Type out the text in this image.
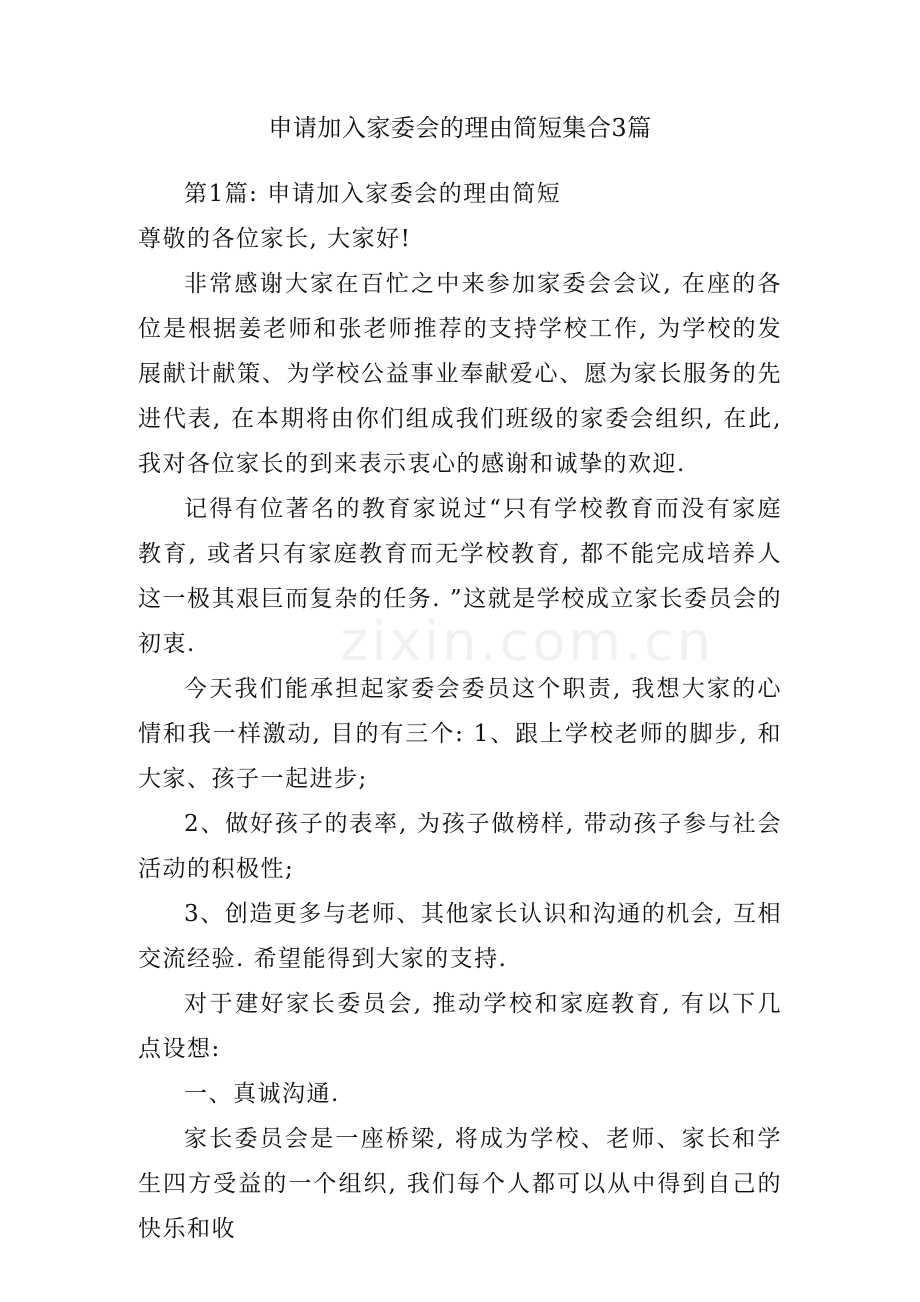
申请加入家委会的理由简短集合3篇

第1篇: 申请加入家委会的理由简短

尊敬的各位家长, 大家好!

非常感谢大家在百忙之中来参加家委会会议, 在座的各位是根据姜老师和张老师推荐的支持学校工作, 为学校的发展献计献策、为学校公益事业奉献爱心、愿为家长服务的先进代表, 在本期将由你们组成我们班级的家委会组织, 在此, 我对各位家长的到来表示衷心的感谢和诚挚的欢迎.

记得有位著名的教育家说过“只有学校教育而没有家庭教育, 或者只有家庭教育而无学校教育, 都不能完成培养人这一极其艰巨而复杂的任务. ”这就是学校成立家长委员会的初衷.

今天我们能承担起家委会委员这个职责, 我想大家的心情和我一样激动, 目的有三个: 1、跟上学校老师的脚步, 和大家、孩子一起进步;

2、做好孩子的表率, 为孩子做榜样, 带动孩子参与社会活动的积极性;

3、创造更多与老师、其他家长认识和沟通的机会, 互相交流经验. 希望能得到大家的支持.

对于建好家长委员会, 推动学校和家庭教育, 有以下几点设想:

一、真诚沟通.

家长委员会是一座桥梁, 将成为学校、老师、家长和学生四方受益的一个组织, 我们每个人都可以从中得到自己的快乐和收

zixin.com.cn
